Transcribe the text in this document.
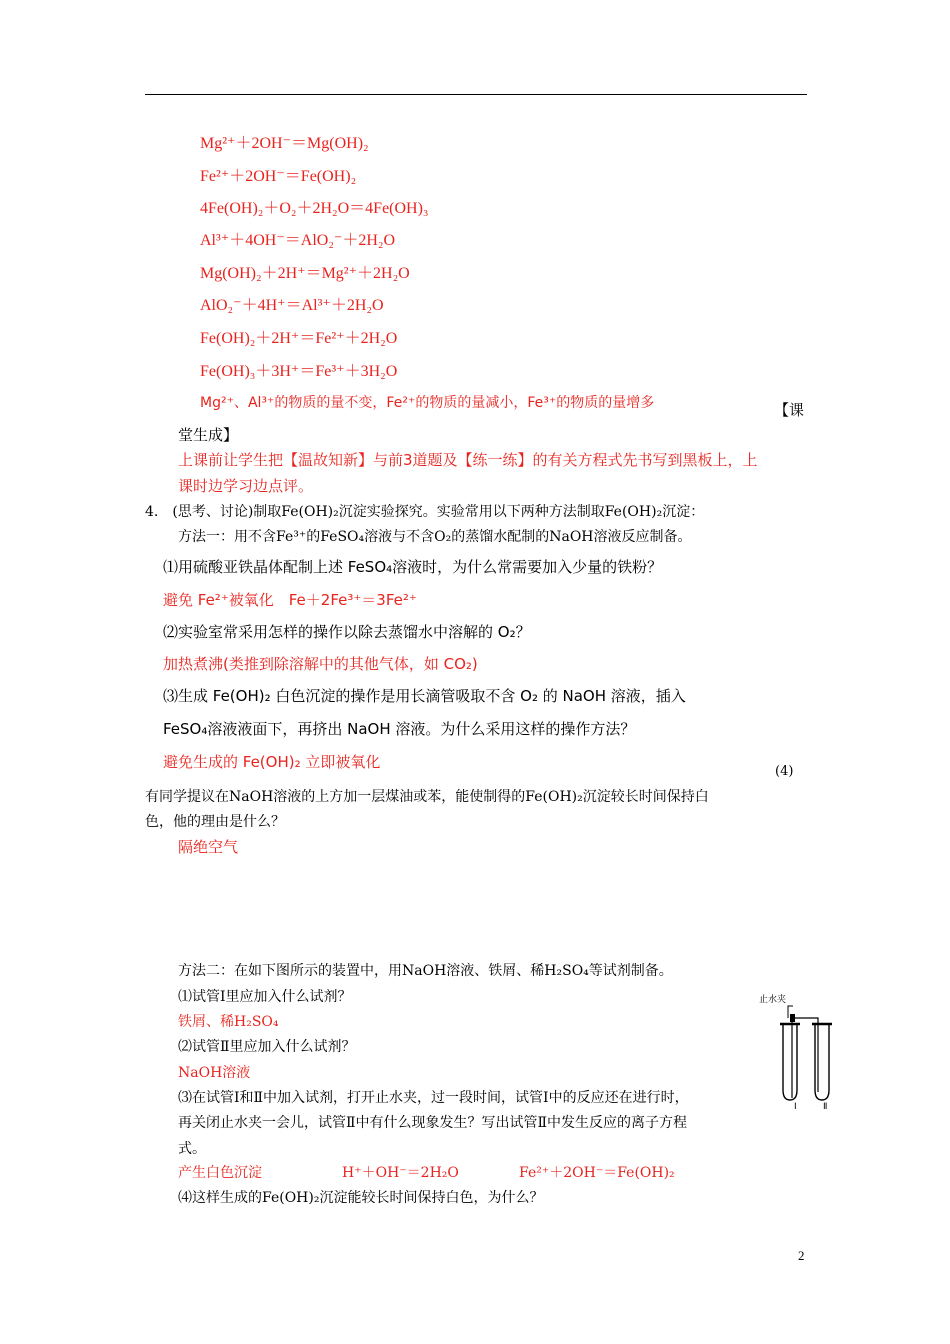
Mg²⁺＋2OH⁻＝Mg(OH)₂
Fe²⁺＋2OH⁻＝Fe(OH)₂
4Fe(OH)₂＋O₂＋2H₂O＝4Fe(OH)₃
Al³⁺＋4OH⁻＝AlO₂⁻＋2H₂O
Mg(OH)₂＋2H⁺＝Mg²⁺＋2H₂O
AlO₂⁻＋4H⁺＝Al³⁺＋2H₂O
Fe(OH)₂＋2H⁺＝Fe²⁺＋2H₂O
Fe(OH)₃＋3H⁺＝Fe³⁺＋3H₂O
Mg²⁺、Al³⁺的物质的量不变，Fe²⁺的物质的量减小，Fe³⁺的物质的量增多	【课
堂生成】
上课前让学生把【温故知新】与前3道题及【练一练】的有关方程式先书写到黑板上，上
课时边学习边点评。
4.　(思考、讨论)制取Fe(OH)₂沉淀实验探究。实验常用以下两种方法制取Fe(OH)₂沉淀：
方法一：用不含Fe³⁺的FeSO₄溶液与不含O₂的蒸馏水配制的NaOH溶液反应制备。
⑴用硫酸亚铁晶体配制上述 FeSO₄溶液时，为什么常需要加入少量的铁粉？
避免 Fe²⁺被氧化　Fe＋2Fe³⁺＝3Fe²⁺
⑵实验室常采用怎样的操作以除去蒸馏水中溶解的 O₂？
加热煮沸(类推到除溶解中的其他气体，如 CO₂)
⑶生成 Fe(OH)₂ 白色沉淀的操作是用长滴管吸取不含 O₂ 的 NaOH 溶液，插入
FeSO₄溶液液面下，再挤出 NaOH 溶液。为什么采用这样的操作方法？
避免生成的 Fe(OH)₂ 立即被氧化
(4)
有同学提议在NaOH溶液的上方加一层煤油或苯，能使制得的Fe(OH)₂沉淀较长时间保持白
色，他的理由是什么？
隔绝空气
方法二：在如下图所示的装置中，用NaOH溶液、铁屑、稀H₂SO₄等试剂制备。
⑴试管Ⅰ里应加入什么试剂？
铁屑、稀H₂SO₄
⑵试管Ⅱ里应加入什么试剂？
NaOH溶液
⑶在试管Ⅰ和Ⅱ中加入试剂，打开止水夹，过一段时间，试管Ⅰ中的反应还在进行时，
再关闭止水夹一会儿，试管Ⅱ中有什么现象发生？写出试管Ⅱ中发生反应的离子方程
式。
产生白色沉淀	H⁺＋OH⁻＝2H₂O	Fe²⁺＋2OH⁻＝Fe(OH)₂
⑷这样生成的Fe(OH)₂沉淀能较长时间保持白色，为什么？
止水夹
Ⅰ	Ⅱ
2
